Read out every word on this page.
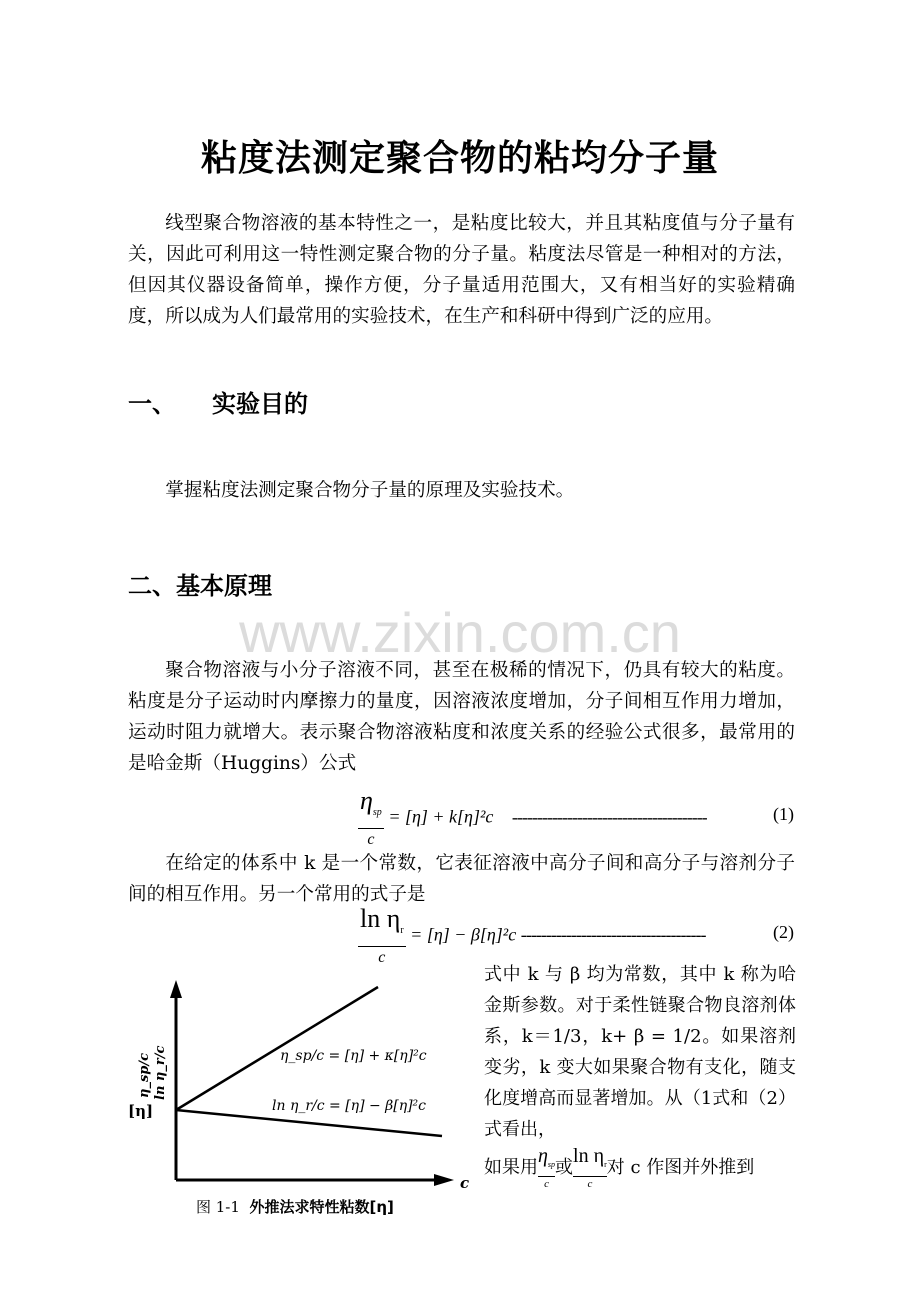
粘度法测定聚合物的粘均分子量
线型聚合物溶液的基本特性之一，是粘度比较大，并且其粘度值与分子量有关，因此可利用这一特性测定聚合物的分子量。粘度法尽管是一种相对的方法，但因其仪器设备简单，操作方便，分子量适用范围大，又有相当好的实验精确度，所以成为人们最常用的实验技术，在生产和科研中得到广泛的应用。
一、 实验目的
掌握粘度法测定聚合物分子量的原理及实验技术。
二、基本原理
www.zixin.com.cn
聚合物溶液与小分子溶液不同，甚至在极稀的情况下，仍具有较大的粘度。粘度是分子运动时内摩擦力的量度，因溶液浓度增加，分子间相互作用力增加，运动时阻力就增大。表示聚合物溶液粘度和浓度关系的经验公式很多，最常用的是哈金斯（Huggins）公式
$\frac{\eta_{sp}}{c} = [\eta] + k[\eta]^2c$ ---------------------------------------	(1)
在给定的体系中 k 是一个常数，它表征溶液中高分子间和高分子与溶剂分子间的相互作用。另一个常用的式子是
$\frac{\ln \eta_r}{c} = [\eta] - \beta[\eta]^2c$ -------------------------------------	(2)
式中 k 与 β 均为常数，其中 k 称为哈金斯参数。对于柔性链聚合物良溶剂体系，k＝1/3，k+ β = 1/2。如果溶剂变劣，k 变大如果聚合物有支化，随支化度增高而显著增加。从（1式和（2）式看出，
如果用 $\frac{\eta_{sp}}{c}$ 或 $\frac{\ln \eta_r}{c}$ 对 c 作图并外推到
[η]
η_sp/c ln η_r/c	η_sp/c = [η] + κ[η]²c
ln η_r/c = [η] − β[η]²c
c
图 1-1 外推法求特性粘数[η]
